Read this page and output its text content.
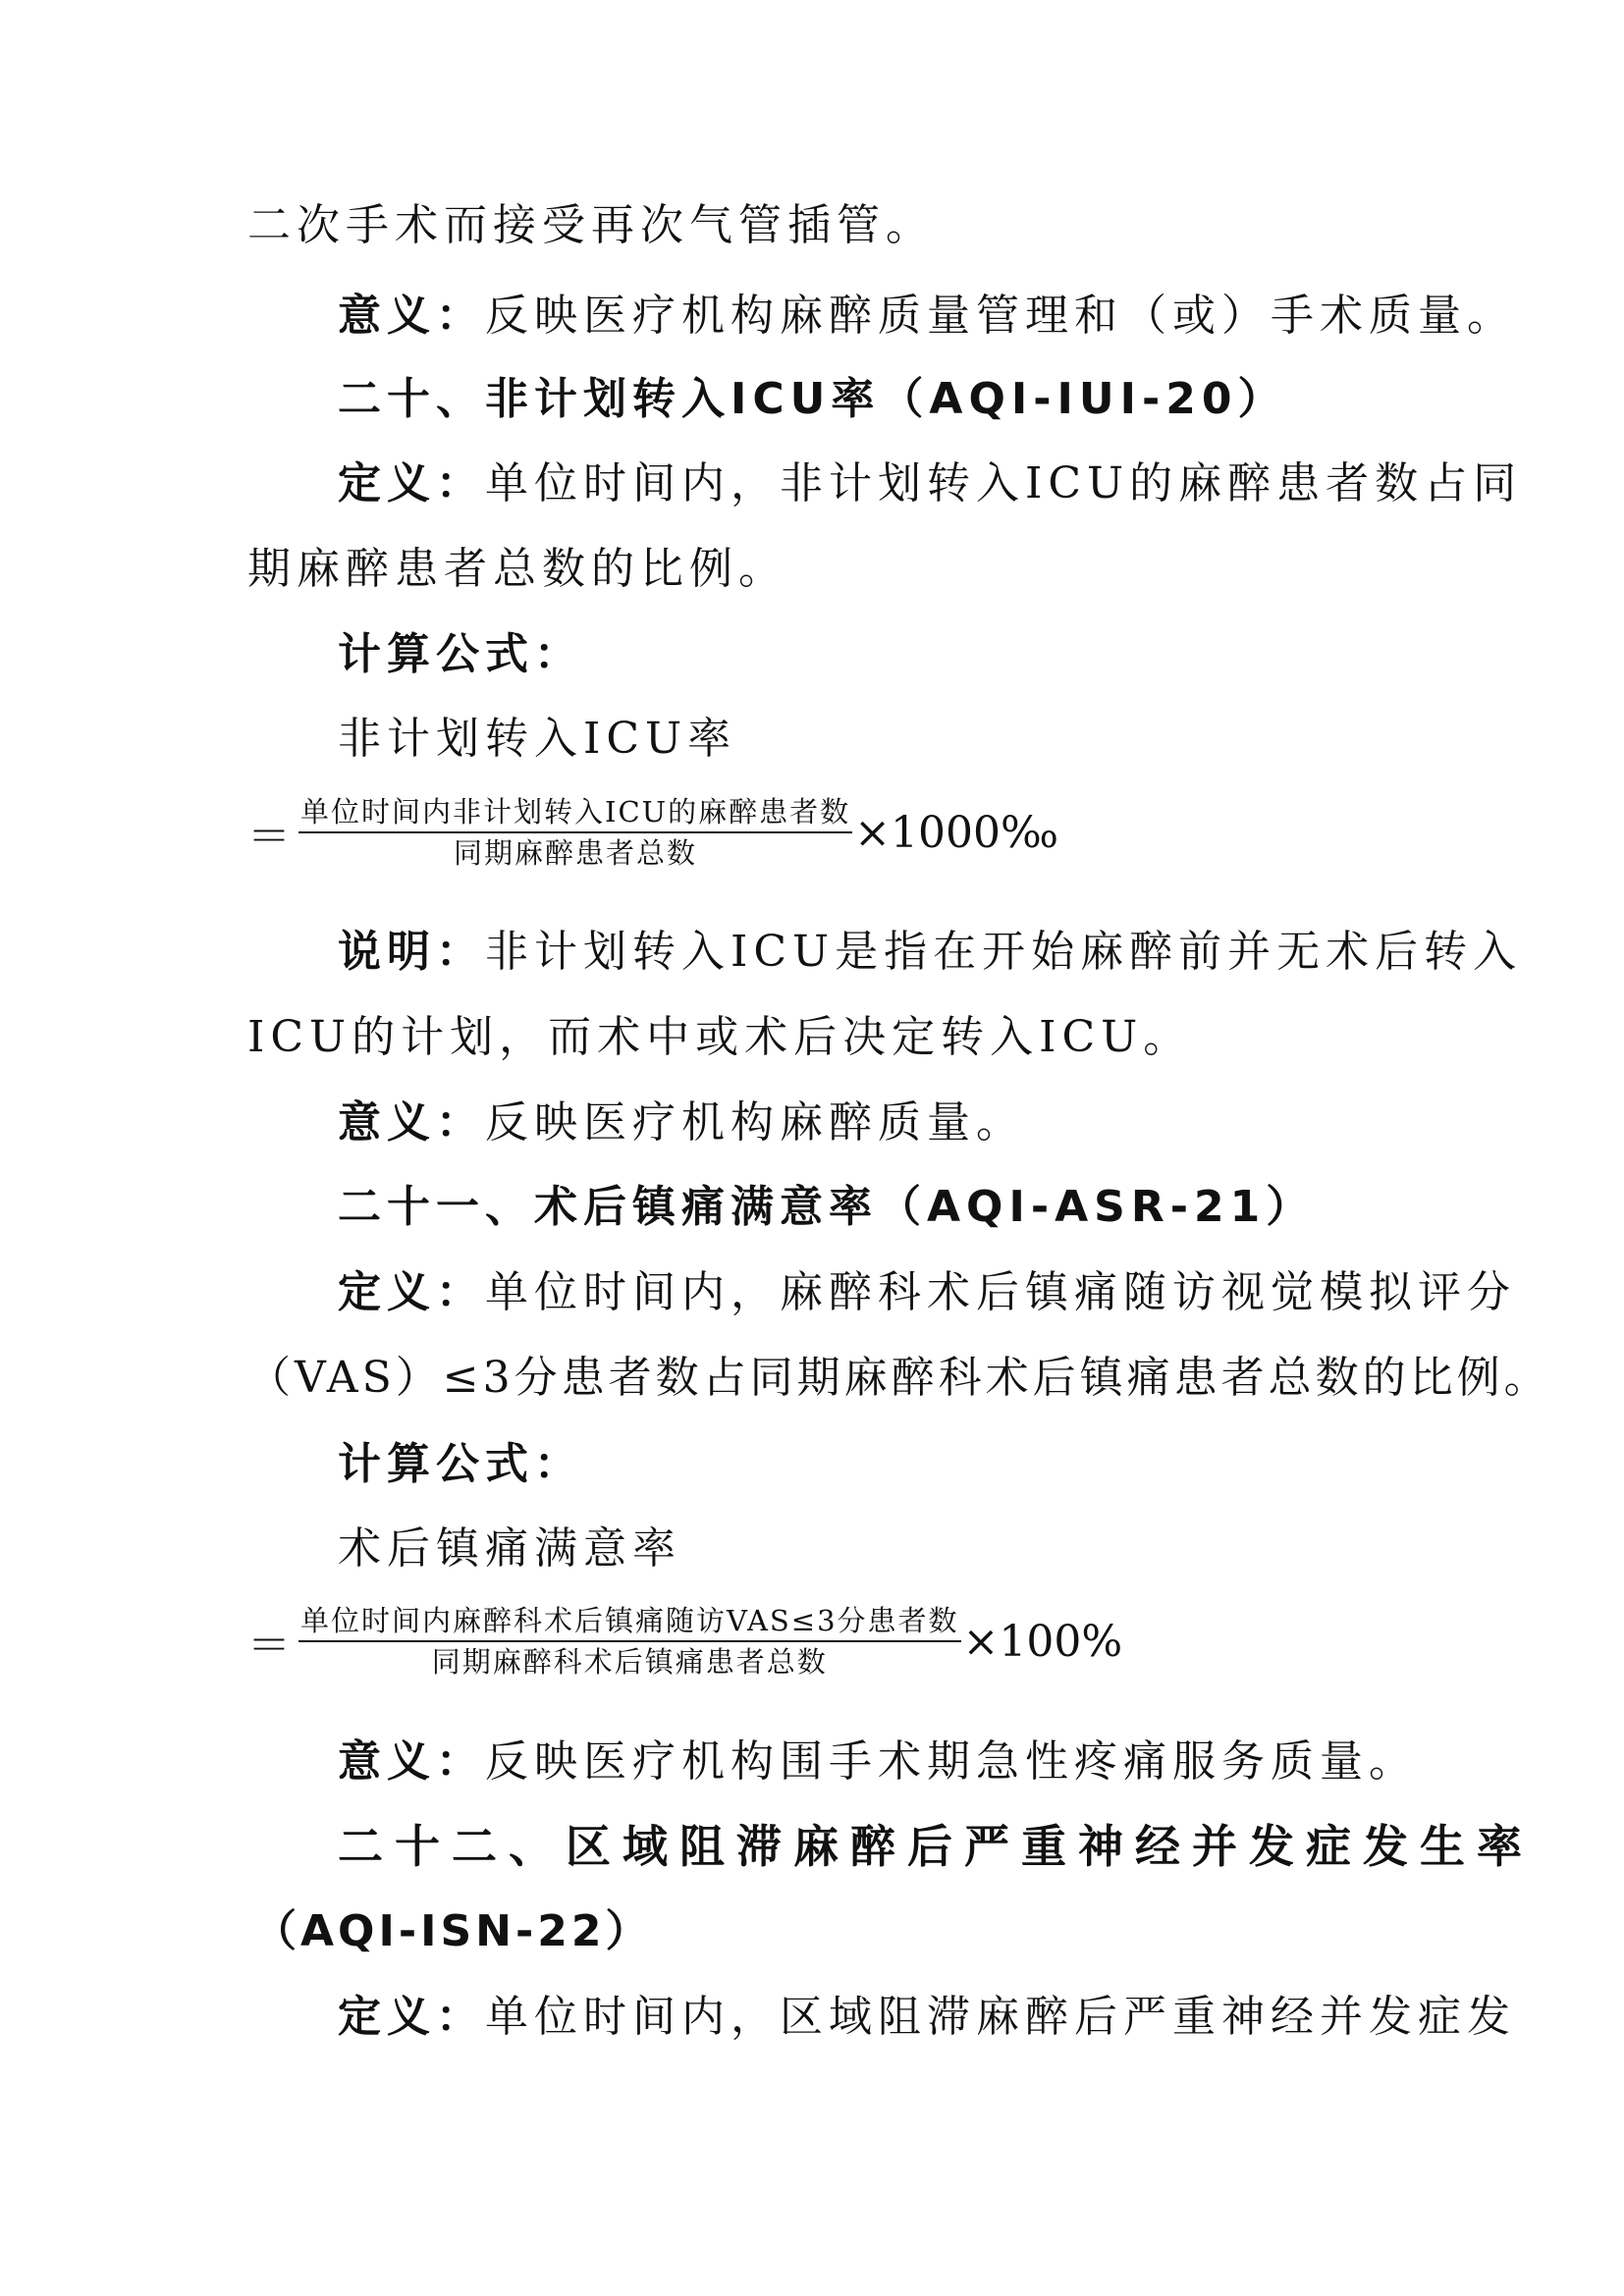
二次手术而接受再次气管插管。
意义：反映医疗机构麻醉质量管理和（或）手术质量。
二十、非计划转入ICU率（AQI-IUI-20）
定义：单位时间内，非计划转入ICU的麻醉患者数占同
期麻醉患者总数的比例。
计算公式：
非计划转入ICU率
＝ $\frac{\text{单位时间内非计划转入ICU的麻醉患者数}}{\text{同期麻醉患者总数}}$ ×1000‰
说明：非计划转入ICU是指在开始麻醉前并无术后转入
ICU的计划，而术中或术后决定转入ICU。
意义：反映医疗机构麻醉质量。
二十一、术后镇痛满意率（AQI-ASR-21）
定义：单位时间内，麻醉科术后镇痛随访视觉模拟评分
（VAS）≤3分患者数占同期麻醉科术后镇痛患者总数的比例。
计算公式：
术后镇痛满意率
＝ $\frac{\text{单位时间内麻醉科术后镇痛随访VAS≤3分患者数}}{\text{同期麻醉科术后镇痛患者总数}} \times 100\%$
意义：反映医疗机构围手术期急性疼痛服务质量。
二十二、区域阻滞麻醉后严重神经并发症发生率
（AQI-ISN-22）
定义：单位时间内，区域阻滞麻醉后严重神经并发症发
